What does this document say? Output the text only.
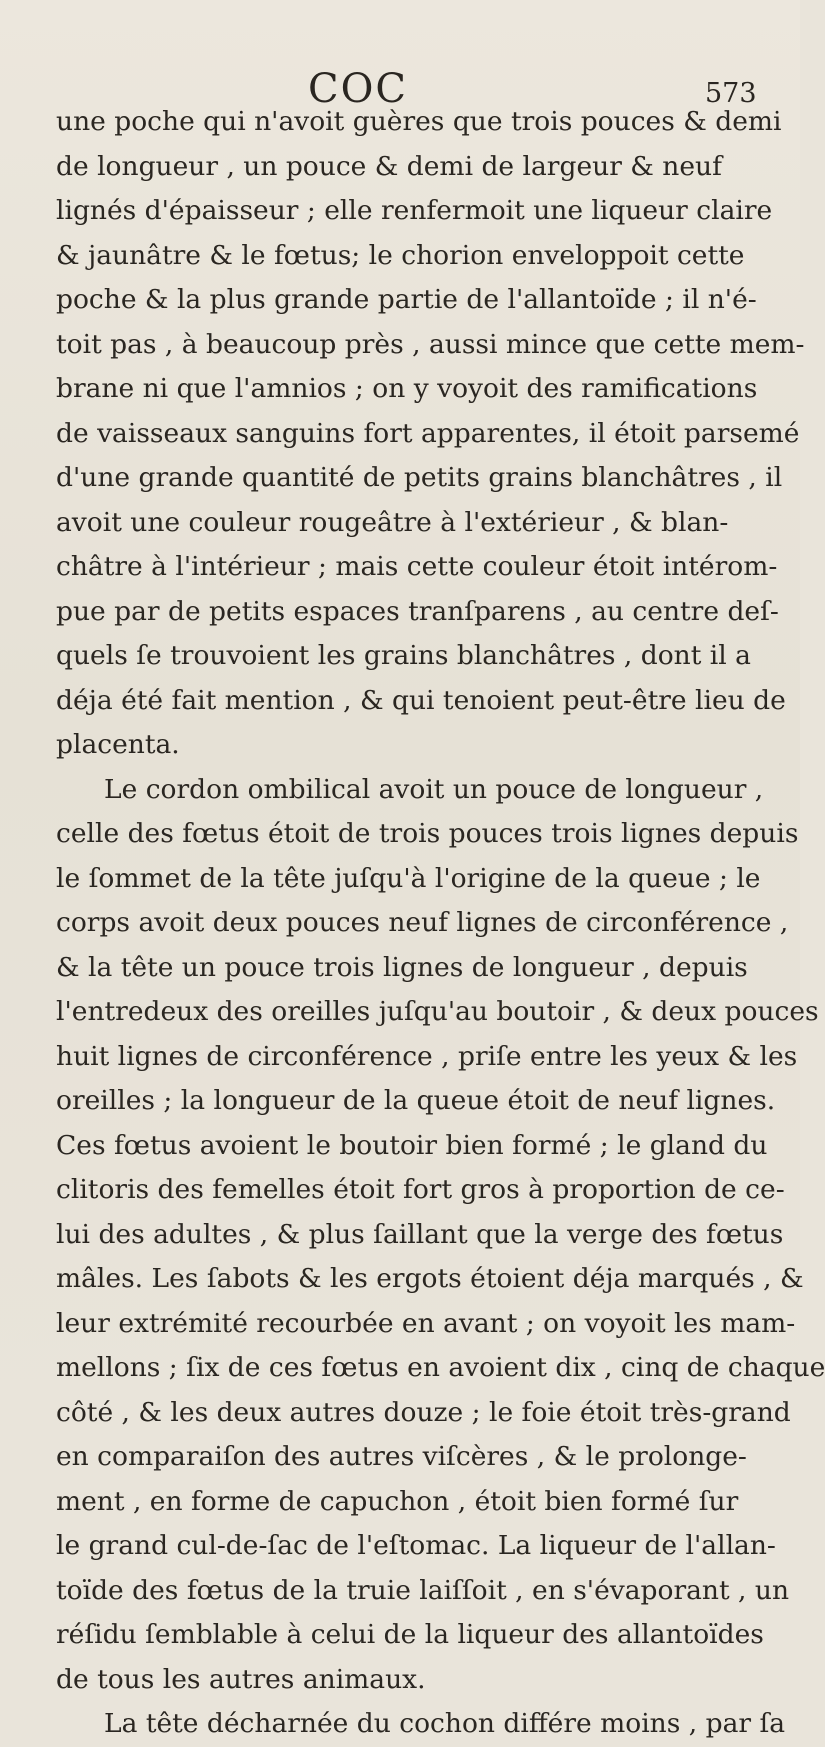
COC	573
une poche qui n'avoit guères que trois pouces & demi
de longueur , un pouce & demi de largeur & neuf
lignés d'épaisseur ; elle renfermoit une liqueur claire
& jaunâtre & le fœtus; le chorion enveloppoit cette
poche & la plus grande partie de l'allantoïde ; il n'é-
toit pas , à beaucoup près , aussi mince que cette mem-
brane ni que l'amnios ; on y voyoit des ramifications
de vaisseaux sanguins fort apparentes, il étoit parsemé
d'une grande quantité de petits grains blanchâtres , il
avoit une couleur rougeâtre à l'extérieur , & blan-
châtre à l'intérieur ; mais cette couleur étoit intérom-
pue par de petits espaces tranſparens , au centre deſ-
quels ſe trouvoient les grains blanchâtres , dont il a
déja été fait mention , & qui tenoient peut-être lieu de
placenta.
Le cordon ombilical avoit un pouce de longueur ,
celle des fœtus étoit de trois pouces trois lignes depuis
le ſommet de la tête juſqu'à l'origine de la queue ; le
corps avoit deux pouces neuf lignes de circonférence ,
& la tête un pouce trois lignes de longueur , depuis
l'entredeux des oreilles juſqu'au boutoir , & deux pouces
huit lignes de circonférence , priſe entre les yeux & les
oreilles ; la longueur de la queue étoit de neuf lignes.
Ces fœtus avoient le boutoir bien formé ; le gland du
clitoris des femelles étoit fort gros à proportion de ce-
lui des adultes , & plus ſaillant que la verge des fœtus
mâles. Les ſabots & les ergots étoient déja marqués , &
leur extrémité recourbée en avant ; on voyoit les mam-
mellons ; ſix de ces fœtus en avoient dix , cinq de chaque
côté , & les deux autres douze ; le foie étoit très-grand
en comparaiſon des autres viſcères , & le prolonge-
ment , en forme de capuchon , étoit bien formé ſur
le grand cul-de-ſac de l'eſtomac. La liqueur de l'allan-
toïde des fœtus de la truie laiſſoit , en s'évaporant , un
réſidu ſemblable à celui de la liqueur des allantoïdes
de tous les autres animaux.
La tête décharnée du cochon différe moins , par ſa
